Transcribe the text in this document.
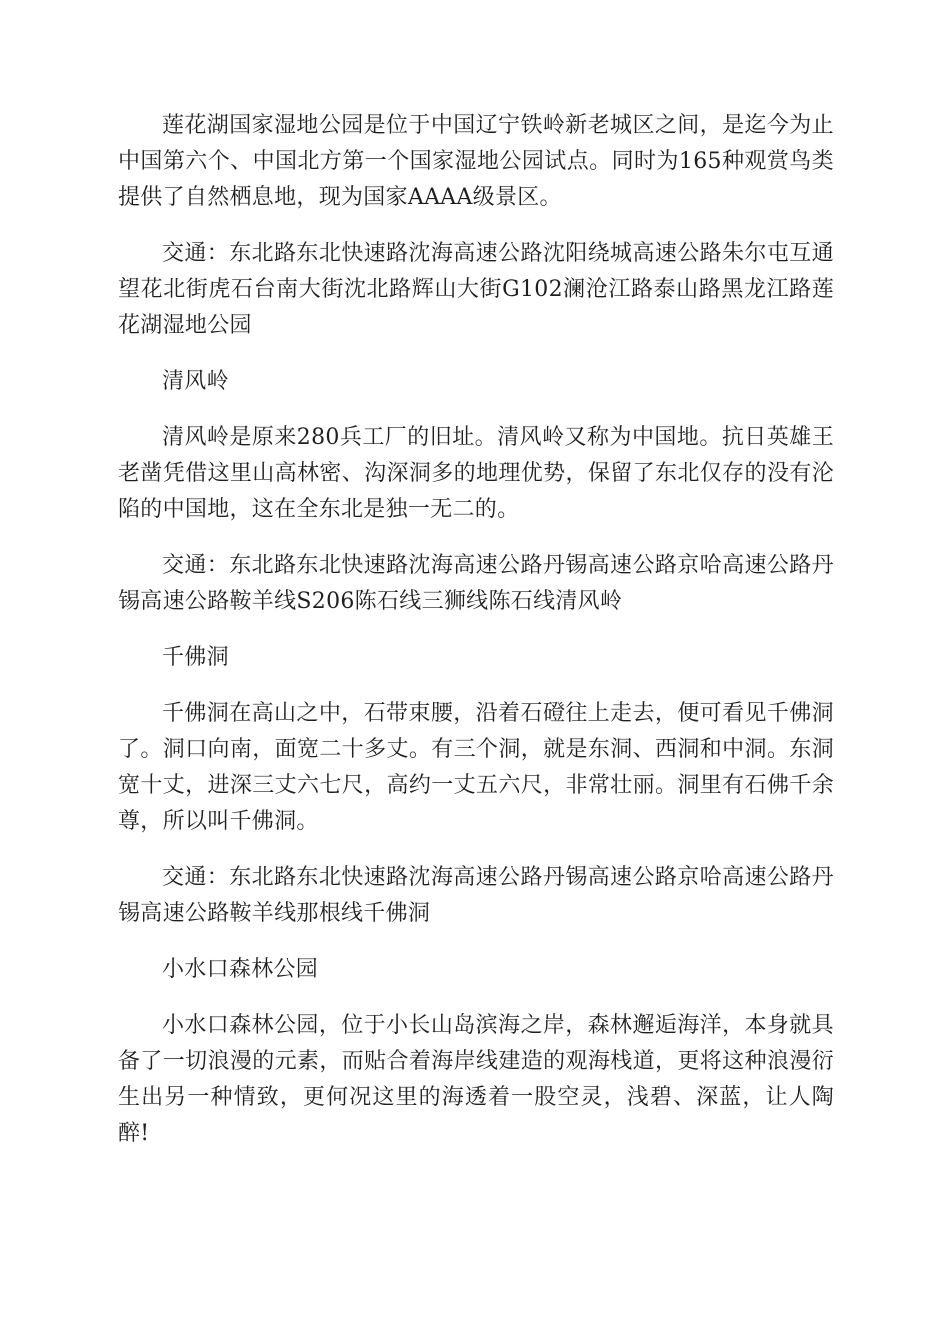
莲花湖国家湿地公园是位于中国辽宁铁岭新老城区之间，是迄今为止中国第六个、中国北方第一个国家湿地公园试点。同时为165种观赏鸟类提供了自然栖息地，现为国家AAAA级景区。

交通：东北路东北快速路沈海高速公路沈阳绕城高速公路朱尔屯互通望花北街虎石台南大街沈北路辉山大街G102澜沧江路泰山路黑龙江路莲花湖湿地公园

清风岭

清风岭是原来280兵工厂的旧址。清风岭又称为中国地。抗日英雄王老凿凭借这里山高林密、沟深洞多的地理优势，保留了东北仅存的没有沦陷的中国地，这在全东北是独一无二的。

交通：东北路东北快速路沈海高速公路丹锡高速公路京哈高速公路丹锡高速公路鞍羊线S206陈石线三狮线陈石线清风岭

千佛洞

千佛洞在高山之中，石带束腰，沿着石磴往上走去，便可看见千佛洞了。洞口向南，面宽二十多丈。有三个洞，就是东洞、西洞和中洞。东洞宽十丈，进深三丈六七尺，高约一丈五六尺，非常壮丽。洞里有石佛千余尊，所以叫千佛洞。

交通：东北路东北快速路沈海高速公路丹锡高速公路京哈高速公路丹锡高速公路鞍羊线那根线千佛洞

小水口森林公园

小水口森林公园，位于小长山岛滨海之岸，森林邂逅海洋，本身就具备了一切浪漫的元素，而贴合着海岸线建造的观海栈道，更将这种浪漫衍生出另一种情致，更何况这里的海透着一股空灵，浅碧、深蓝，让人陶醉!
